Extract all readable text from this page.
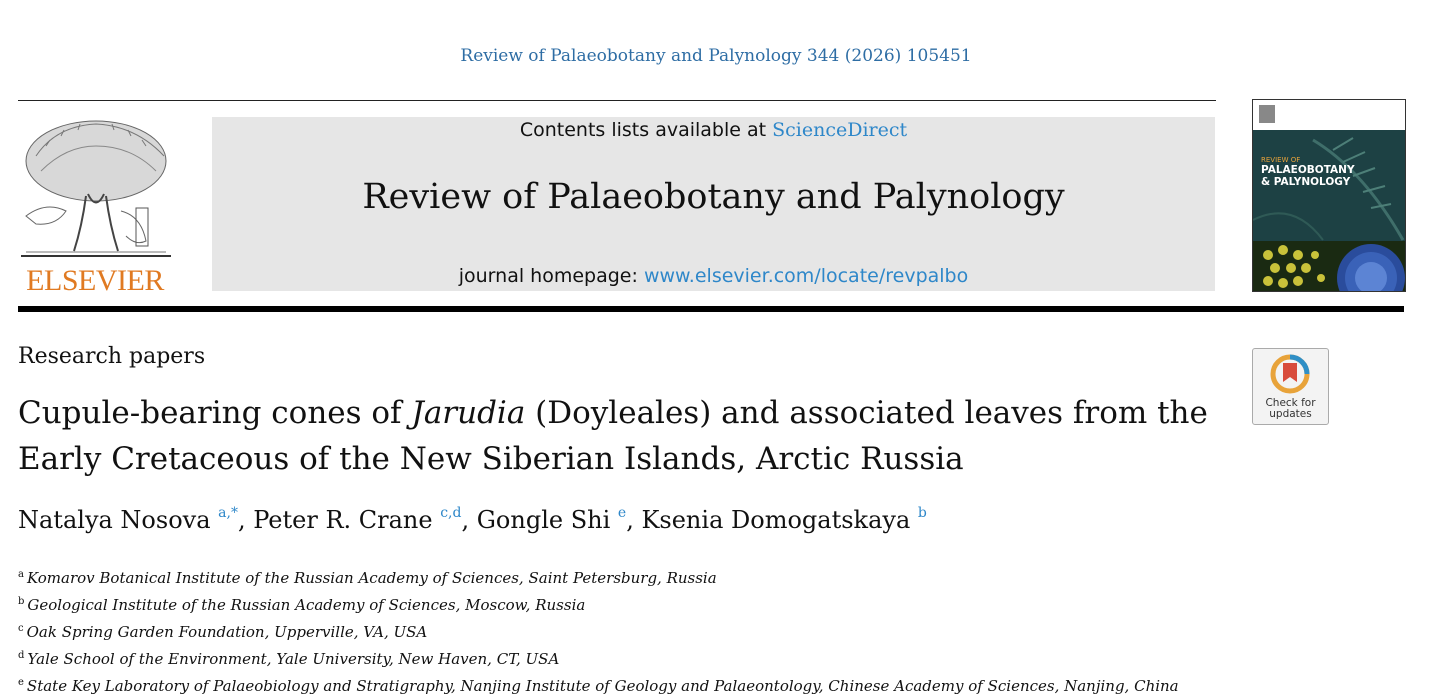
Review of Palaeobotany and Palynology 344 (2026) 105451
ELSEVIER
Contents lists available at ScienceDirect
Review of Palaeobotany and Palynology
journal homepage: www.elsevier.com/locate/revpalbo
REVIEW OF
PALAEOBOTANY
& PALYNOLOGY
Research papers
Cupule-bearing cones of Jarudia (Doyleales) and associated leaves from the Early Cretaceous of the New Siberian Islands, Arctic Russia
Check for
updates
Natalya Nosova $^{a,*}$, Peter R. Crane $^{c,d}$, Gongle Shi $^e$, Ksenia Domogatskaya $^b$
$^a$ Komarov Botanical Institute of the Russian Academy of Sciences, Saint Petersburg, Russia
$^b$ Geological Institute of the Russian Academy of Sciences, Moscow, Russia
$^c$ Oak Spring Garden Foundation, Upperville, VA, USA
$^d$ Yale School of the Environment, Yale University, New Haven, CT, USA
$^e$ State Key Laboratory of Palaeobiology and Stratigraphy, Nanjing Institute of Geology and Palaeontology, Chinese Academy of Sciences, Nanjing, China
